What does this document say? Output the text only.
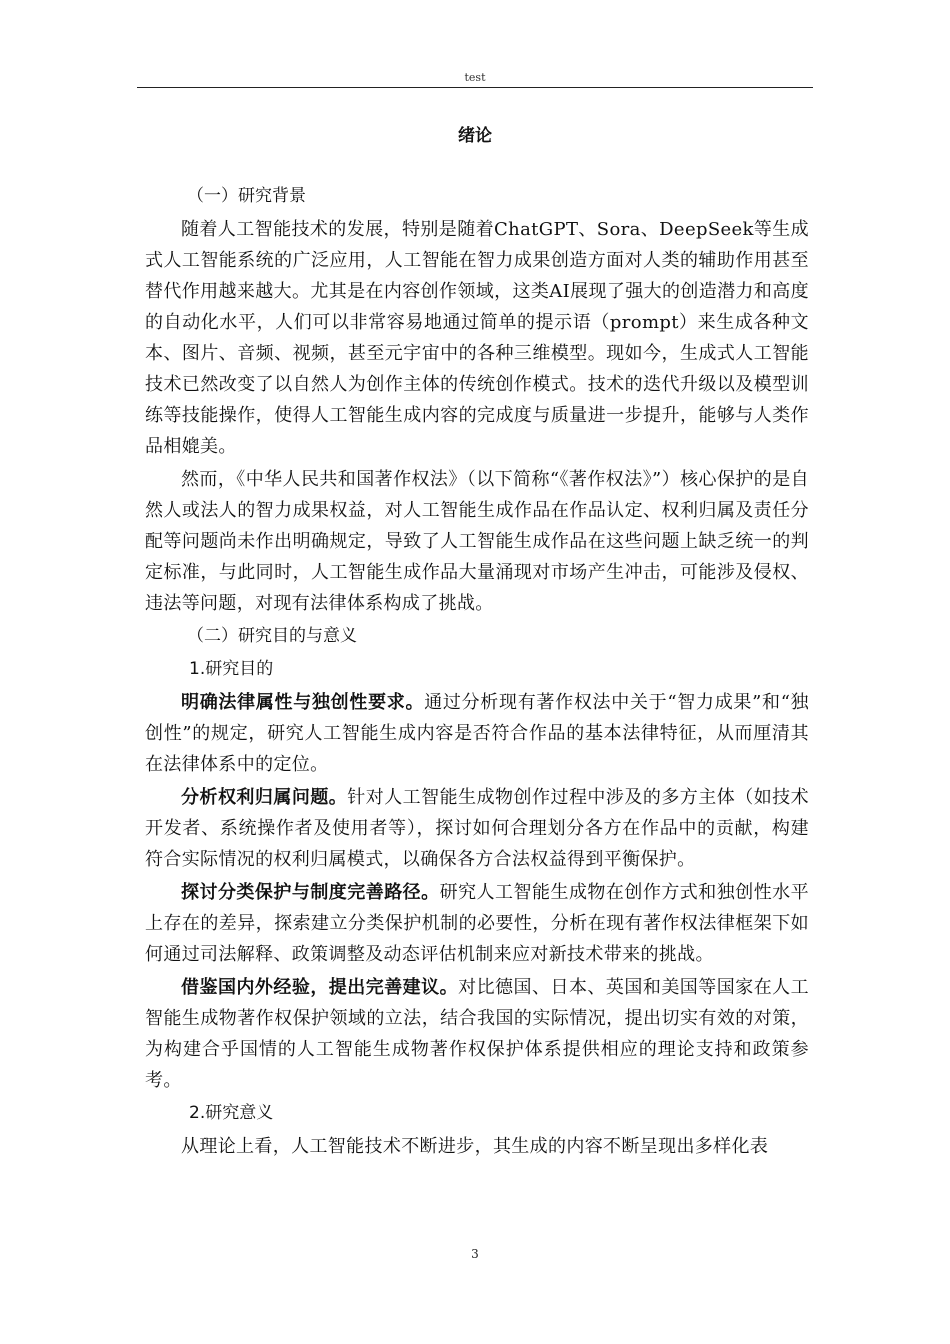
test
绪论
（一）研究背景

随着人工智能技术的发展，特别是随着ChatGPT、Sora、DeepSeek等生成式人工智能系统的广泛应用，人工智能在智力成果创造方面对人类的辅助作用甚至替代作用越来越大。尤其是在内容创作领域，这类AI展现了强大的创造潜力和高度的自动化水平，人们可以非常容易地通过简单的提示语（prompt）来生成各种文本、图片、音频、视频，甚至元宇宙中的各种三维模型。现如今，生成式人工智能技术已然改变了以自然人为创作主体的传统创作模式。技术的迭代升级以及模型训练等技能操作，使得人工智能生成内容的完成度与质量进一步提升，能够与人类作品相媲美。

然而，《中华人民共和国著作权法》（以下简称“《著作权法》”）核心保护的是自然人或法人的智力成果权益，对人工智能生成作品在作品认定、权利归属及责任分配等问题尚未作出明确规定，导致了人工智能生成作品在这些问题上缺乏统一的判定标准，与此同时，人工智能生成作品大量涌现对市场产生冲击，可能涉及侵权、违法等问题，对现有法律体系构成了挑战。

（二）研究目的与意义
1.研究目的

明确法律属性与独创性要求。通过分析现有著作权法中关于“智力成果”和“独创性”的规定，研究人工智能生成内容是否符合作品的基本法律特征，从而厘清其在法律体系中的定位。

分析权利归属问题。针对人工智能生成物创作过程中涉及的多方主体（如技术开发者、系统操作者及使用者等），探讨如何合理划分各方在作品中的贡献，构建符合实际情况的权利归属模式，以确保各方合法权益得到平衡保护。

探讨分类保护与制度完善路径。研究人工智能生成物在创作方式和独创性水平上存在的差异，探索建立分类保护机制的必要性，分析在现有著作权法律框架下如何通过司法解释、政策调整及动态评估机制来应对新技术带来的挑战。

借鉴国内外经验，提出完善建议。对比德国、日本、英国和美国等国家在人工智能生成物著作权保护领域的立法，结合我国的实际情况，提出切实有效的对策，为构建合乎国情的人工智能生成物著作权保护体系提供相应的理论支持和政策参考。

2.研究意义

从理论上看，人工智能技术不断进步，其生成的内容不断呈现出多样化表

3
